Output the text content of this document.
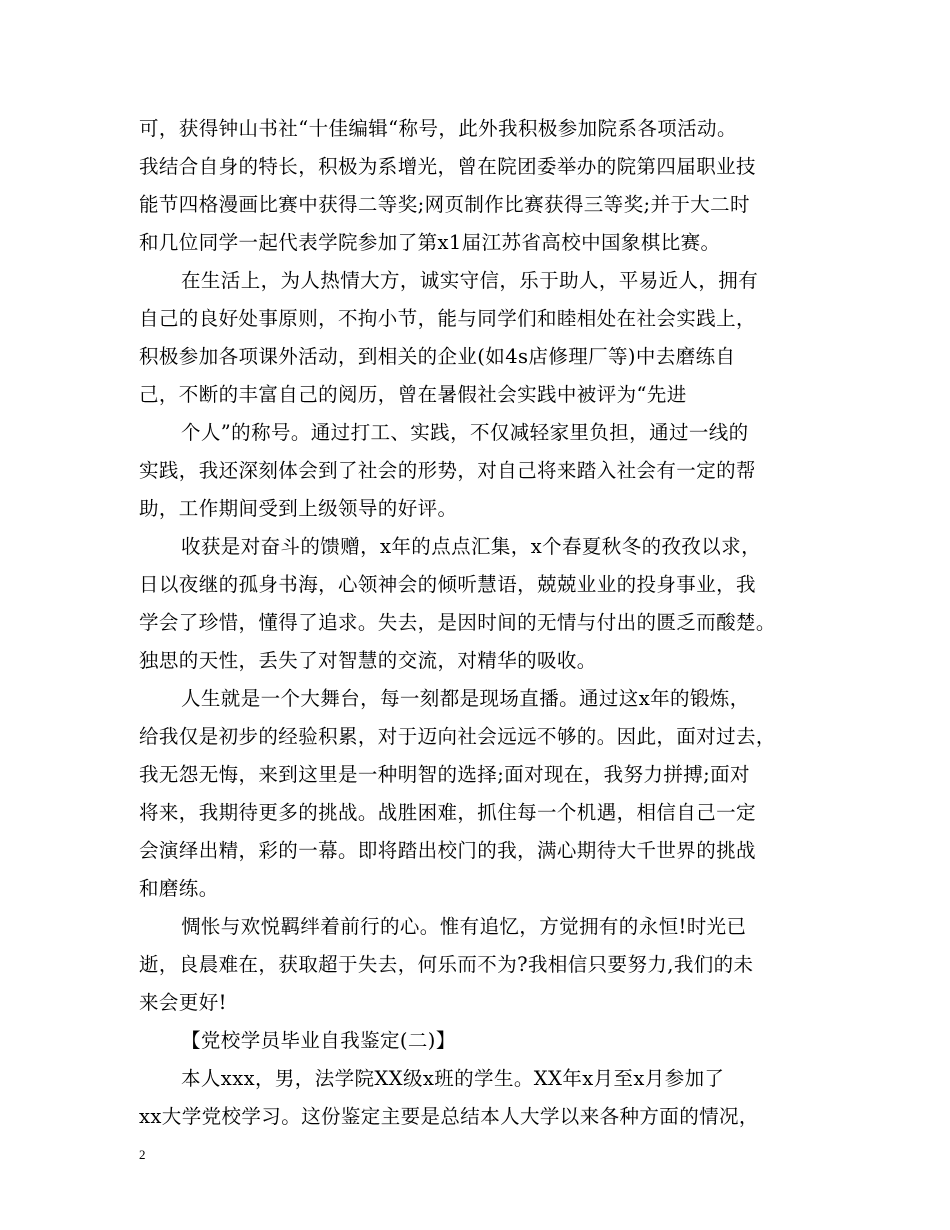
可，获得钟山书社“十佳编辑“称号，此外我积极参加院系各项活动。
我结合自身的特长，积极为系增光，曾在院团委举办的院第四届职业技
能节四格漫画比赛中获得二等奖;网页制作比赛获得三等奖;并于大二时
和几位同学一起代表学院参加了第x1届江苏省高校中国象棋比赛。
在生活上，为人热情大方，诚实守信，乐于助人，平易近人，拥有
自己的良好处事原则，不拘小节，能与同学们和睦相处在社会实践上，
积极参加各项课外活动，到相关的企业(如4s店修理厂等)中去磨练自
己，不断的丰富自己的阅历，曾在暑假社会实践中被评为“先进
个人”的称号。通过打工、实践，不仅减轻家里负担，通过一线的
实践，我还深刻体会到了社会的形势，对自己将来踏入社会有一定的帮
助，工作期间受到上级领导的好评。
收获是对奋斗的馈赠，x年的点点汇集，x个春夏秋冬的孜孜以求，
日以夜继的孤身书海，心领神会的倾听慧语，兢兢业业的投身事业，我
学会了珍惜，懂得了追求。失去，是因时间的无情与付出的匮乏而酸楚。
独思的天性，丢失了对智慧的交流，对精华的吸收。
人生就是一个大舞台，每一刻都是现场直播。通过这x年的锻炼，
给我仅是初步的经验积累，对于迈向社会远远不够的。因此，面对过去，
我无怨无悔，来到这里是一种明智的选择;面对现在，我努力拼搏;面对
将来，我期待更多的挑战。战胜困难，抓住每一个机遇，相信自己一定
会演绎出精，彩的一幕。即将踏出校门的我，满心期待大千世界的挑战
和磨练。
惆怅与欢悦羁绊着前行的心。惟有追忆，方觉拥有的永恒!时光已
逝，良晨难在，获取超于失去，何乐而不为?我相信只要努力,我们的未
来会更好!
【党校学员毕业自我鉴定(二)】
本人xxx，男，法学院XX级x班的学生。XX年x月至x月参加了
xx大学党校学习。这份鉴定主要是总结本人大学以来各种方面的情况，
2
